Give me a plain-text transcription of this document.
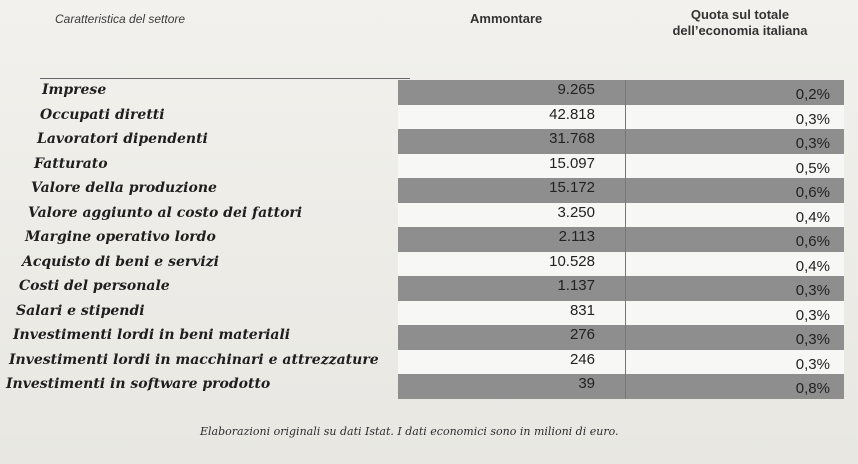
Caratteristica del settore	Ammontare	Quota sul totale
dell’economia italiana
Imprese	9.265	0,2%
Occupati diretti	42.818	0,3%
Lavoratori dipendenti	31.768	0,3%
Fatturato	15.097	0,5%
Valore della produzione	15.172	0,6%
Valore aggiunto al costo dei fattori	3.250	0,4%
Margine operativo lordo	2.113	0,6%
Acquisto di beni e servizi	10.528	0,4%
Costi del personale	1.137	0,3%
Salari e stipendi	831	0,3%
Investimenti lordi in beni materiali	276	0,3%
Investimenti lordi in macchinari e attrezzature	246	0,3%
Investimenti in software prodotto	39	0,8%
Elaborazioni originali su dati Istat. I dati economici sono in milioni di euro.
